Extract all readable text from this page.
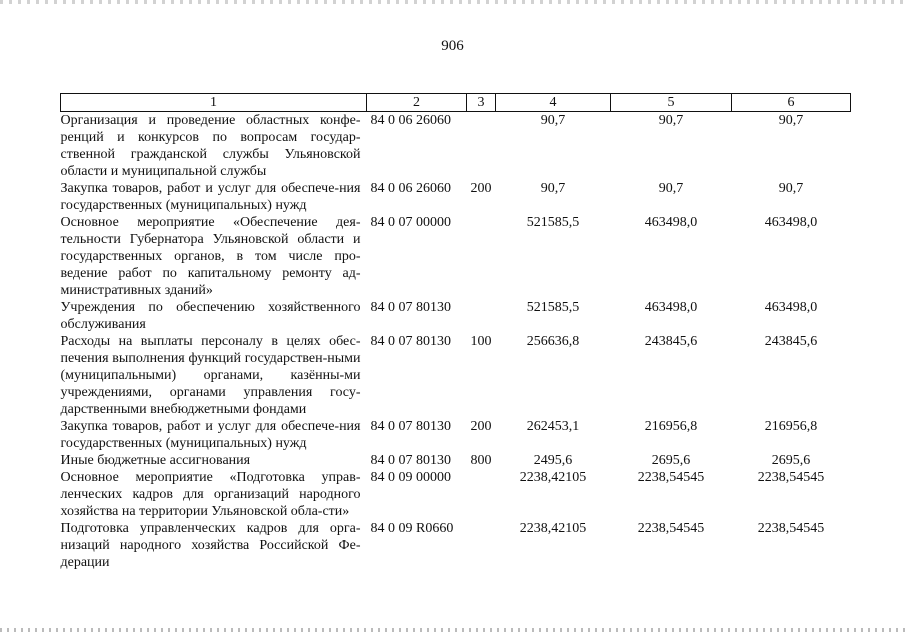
906
1	2	3	4	5	6
Организация и проведение областных конфе-ренций и конкурсов по вопросам государ-ственной гражданской службы Ульяновской области и муниципальной службы	84 0 06 26060		90,7	90,7	90,7
Закупка товаров, работ и услуг для обеспече-ния государственных (муниципальных) нужд	84 0 06 26060	200	90,7	90,7	90,7
Основное мероприятие «Обеспечение дея-тельности Губернатора Ульяновской области и государственных органов, в том числе про-ведение работ по капитальному ремонту ад-министративных зданий»	84 0 07 00000		521585,5	463498,0	463498,0
Учреждения по обеспечению хозяйственного обслуживания	84 0 07 80130		521585,5	463498,0	463498,0
Расходы на выплаты персоналу в целях обес-печения выполнения функций государствен-ными (муниципальными) органами, казённы-ми учреждениями, органами управления госу-дарственными внебюджетными фондами	84 0 07 80130	100	256636,8	243845,6	243845,6
Закупка товаров, работ и услуг для обеспече-ния государственных (муниципальных) нужд	84 0 07 80130	200	262453,1	216956,8	216956,8
Иные бюджетные ассигнования	84 0 07 80130	800	2495,6	2695,6	2695,6
Основное мероприятие «Подготовка управ-ленческих кадров для организаций народного хозяйства на территории Ульяновской обла-сти»	84 0 09 00000		2238,42105	2238,54545	2238,54545
Подготовка управленческих кадров для орга-низаций народного хозяйства Российской Фе-дерации	84 0 09 R0660		2238,42105	2238,54545	2238,54545
